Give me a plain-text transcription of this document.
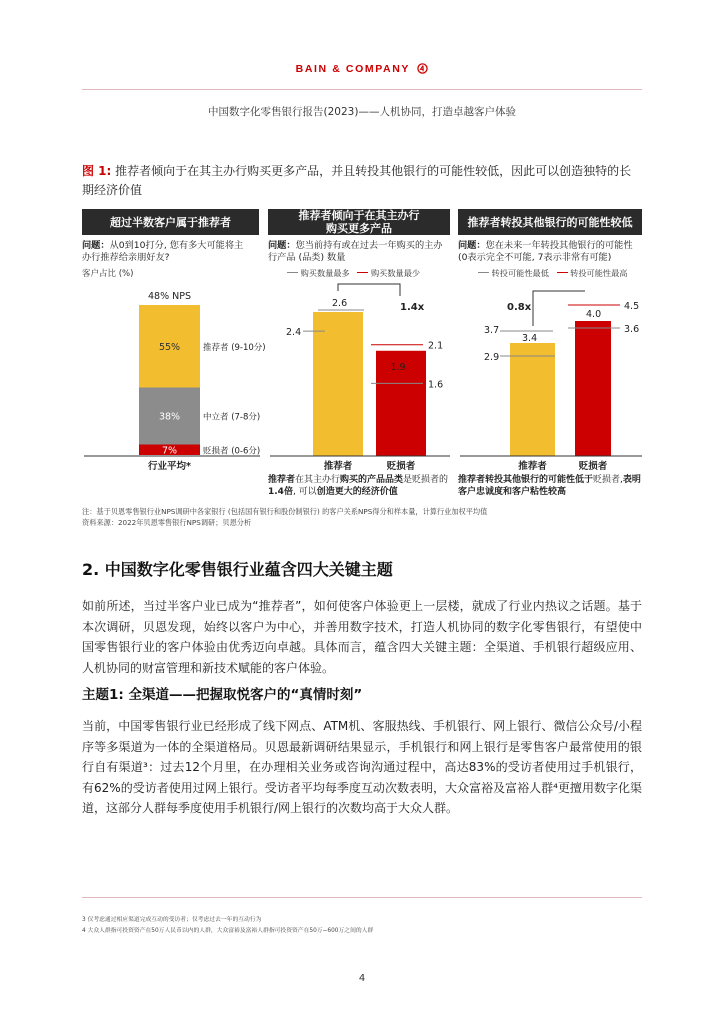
BAIN & COMPANY
中国数字化零售银行报告(2023)——人机协同，打造卓越客户体验
图 1: 推荐者倾向于在其主办行购买更多产品，并且转投其他银行的可能性较低，因此可以创造独特的长期经济价值
超过半数客户属于推荐者	推荐者倾向于在其主办行购买更多产品	推荐者转投其他银行的可能性较低
问题：从0到10打分, 您有多大可能将主办行推荐给亲朋好友?
客户占比 (%)
问题：您当前持有或在过去一年购买的主办行产品 (品类) 数量
问题：您在未来一年转投其他银行的可能性 (0表示完全不可能, 7表示非常有可能)
购买数量最多	购买数量最少	转投可能性最低	转投可能性最高
55%	推荐者 (9-10分)
38%	中立者 (7-8分)
7%	贬损者 (0-6分)
48% NPS
行业平均*	推荐者	贬损者
2.6
2.4
2.1
1.9
1.6
1.4x
推荐者	贬损者
3.4
3.7
2.9
4.5
4.0
3.6
0.8x
推荐者在其主办行购买的产品品类是贬损者的1.4倍, 可以创造更大的经济价值
推荐者转投其他银行的可能性低于贬损者,表明客户忠诚度和客户粘性较高
注：基于贝恩零售银行业NPS调研中各家银行 (包括国有银行和股份制银行) 的客户关系NPS得分和样本量，计算行业加权平均值
资料来源：2022年贝恩零售银行NPS调研；贝恩分析
2. 中国数字化零售银行业蕴含四大关键主题
如前所述，当过半客户业已成为“推荐者”，如何使客户体验更上一层楼，就成了行业内热议之话题。基于本次调研，贝恩发现，始终以客户为中心，并善用数字技术，打造人机协同的数字化零售银行，有望使中国零售银行业的客户体验由优秀迈向卓越。具体而言，蕴含四大关键主题：全渠道、手机银行超级应用、人机协同的财富管理和新技术赋能的客户体验。
主题1: 全渠道——把握取悦客户的“真情时刻”
当前，中国零售银行业已经形成了线下网点、ATM机、客服热线、手机银行、网上银行、微信公众号/小程序等多渠道为一体的全渠道格局。贝恩最新调研结果显示，手机银行和网上银行是零售客户最常使用的银行自有渠道³：过去12个月里，在办理相关业务或咨询沟通过程中，高达83%的受访者使用过手机银行，有62%的受访者使用过网上银行。受访者平均每季度互动次数表明，大众富裕及富裕人群⁴更擅用数字化渠道，这部分人群每季度使用手机银行/网上银行的次数均高于大众人群。
3 仅考虑通过相应渠道完成互动的受访者；仅考虑过去一年的互动行为
4 大众人群指可投资资产在50万人民币以内的人群，大众富裕及富裕人群指可投资资产在50万−600万之间的人群
4
